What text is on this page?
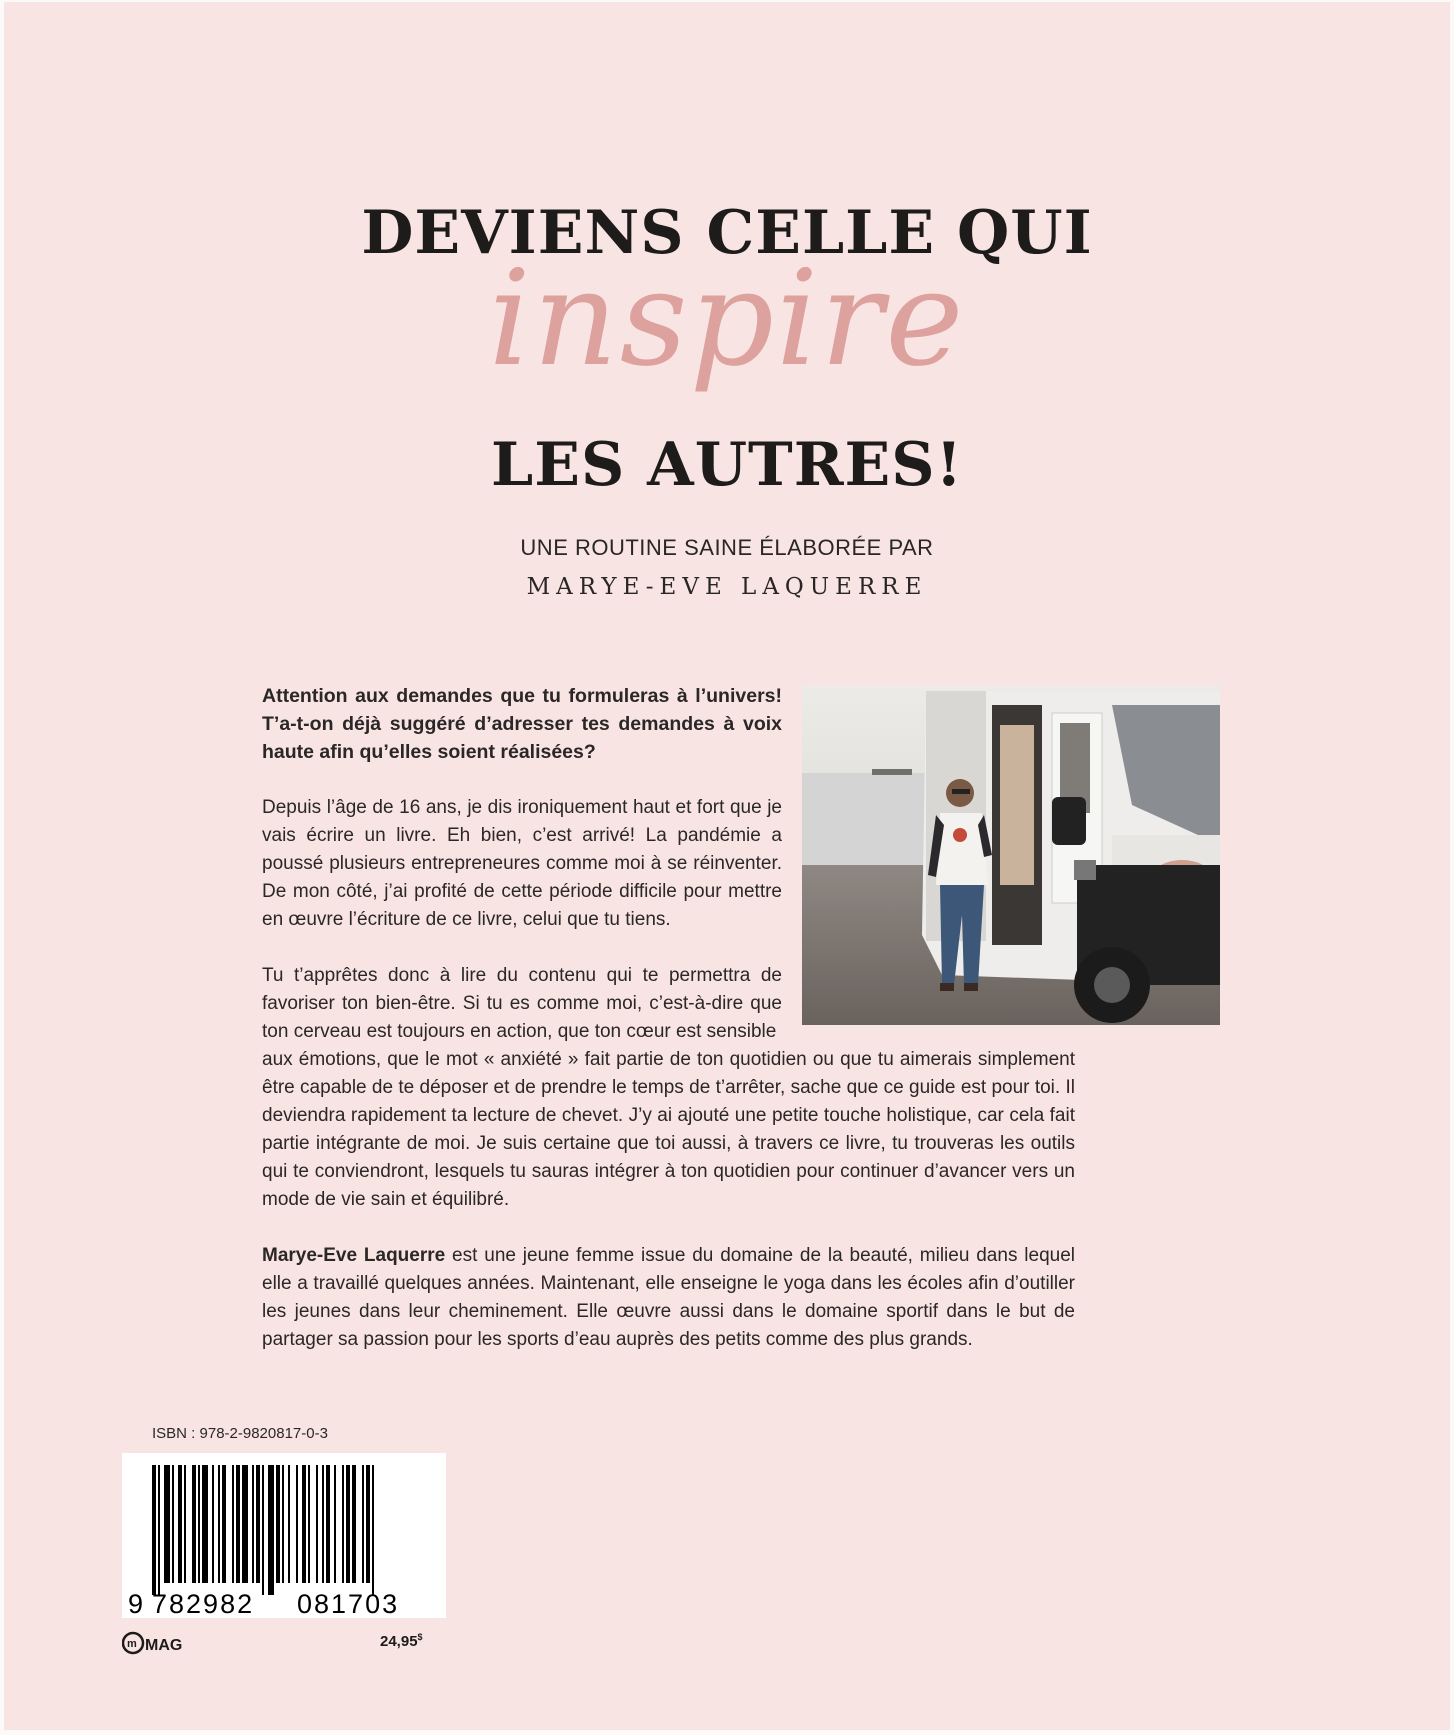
DEVIENS CELLE QUI
inspire
LES AUTRES!
UNE ROUTINE SAINE ÉLABORÉE PAR
MARYE-EVE LAQUERRE

Attention aux demandes que tu formuleras à l’univers! T’a-t-on déjà suggéré d’adresser tes demandes à voix haute afin qu’elles soient réalisées?

Depuis l’âge de 16 ans, je dis ironiquement haut et fort que je vais écrire un livre. Eh bien, c’est arrivé! La pandémie a poussé plusieurs entrepreneures comme moi à se réinventer. De mon côté, j’ai profité de cette période difficile pour mettre en œuvre l’écriture de ce livre, celui que tu tiens.

Tu t’apprêtes donc à lire du contenu qui te permettra de favoriser ton bien-être. Si tu es comme moi, c’est-à-dire que ton cerveau est toujours en action, que ton cœur est sensible
aux émotions, que le mot « anxiété » fait partie de ton quotidien ou que tu aimerais simplement être capable de te déposer et de prendre le temps de t’arrêter, sache que ce guide est pour toi. Il deviendra rapidement ta lecture de chevet. J’y ai ajouté une petite touche holistique, car cela fait partie intégrante de moi. Je suis certaine que toi aussi, à travers ce livre, tu trouveras les outils qui te conviendront, lesquels tu sauras intégrer à ton quotidien pour continuer d’avancer vers un mode de vie sain et équilibré.

Marye-Eve Laquerre est une jeune femme issue du domaine de la beauté, milieu dans lequel elle a travaillé quelques années. Maintenant, elle enseigne le yoga dans les écoles afin d’outiller les jeunes dans leur cheminement. Elle œuvre aussi dans le domaine sportif dans le but de partager sa passion pour les sports d’eau auprès des petits comme des plus grands.

ISBN : 978-2-9820817-0-3
9 782982 081703
m MAG	24,95$
